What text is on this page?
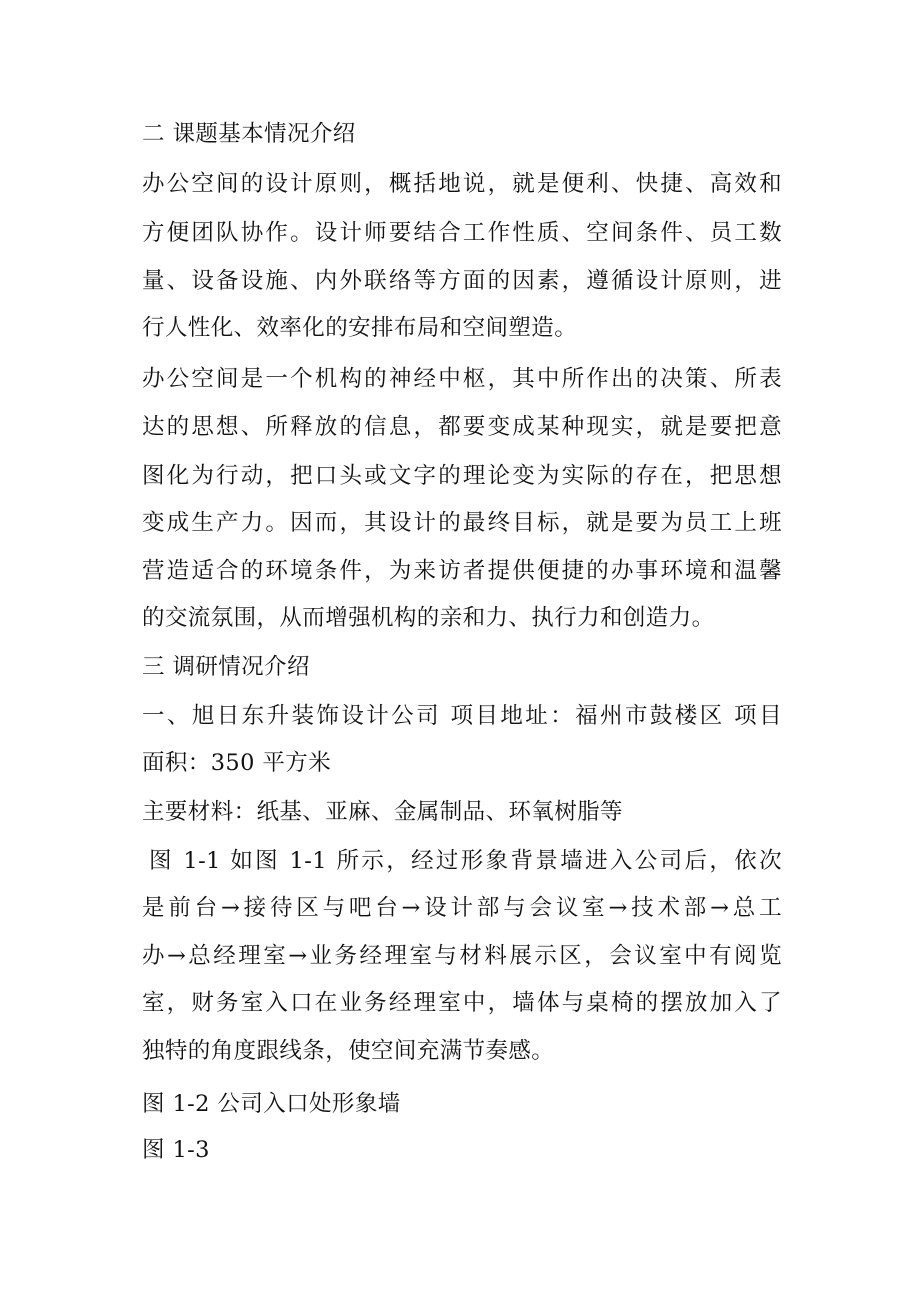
二 课题基本情况介绍
办公空间的设计原则，概括地说，就是便利、快捷、高效和
方便团队协作。设计师要结合工作性质、空间条件、员工数
量、设备设施、内外联络等方面的因素，遵循设计原则，进
行人性化、效率化的安排布局和空间塑造。
办公空间是一个机构的神经中枢，其中所作出的决策、所表
达的思想、所释放的信息，都要变成某种现实，就是要把意
图化为行动，把口头或文字的理论变为实际的存在，把思想
变成生产力。因而，其设计的最终目标，就是要为员工上班
营造适合的环境条件，为来访者提供便捷的办事环境和温馨
的交流氛围，从而增强机构的亲和力、执行力和创造力。
三 调研情况介绍
一、旭日东升装饰设计公司 项目地址：福州市鼓楼区 项目
面积：350 平方米
主要材料：纸基、亚麻、金属制品、环氧树脂等
图 1-1 如图 1-1 所示，经过形象背景墙进入公司后，依次
是前台→接待区与吧台→设计部与会议室→技术部→总工
办→总经理室→业务经理室与材料展示区，会议室中有阅览
室，财务室入口在业务经理室中，墙体与桌椅的摆放加入了
独特的角度跟线条，使空间充满节奏感。
图 1-2 公司入口处形象墙
图 1-3
